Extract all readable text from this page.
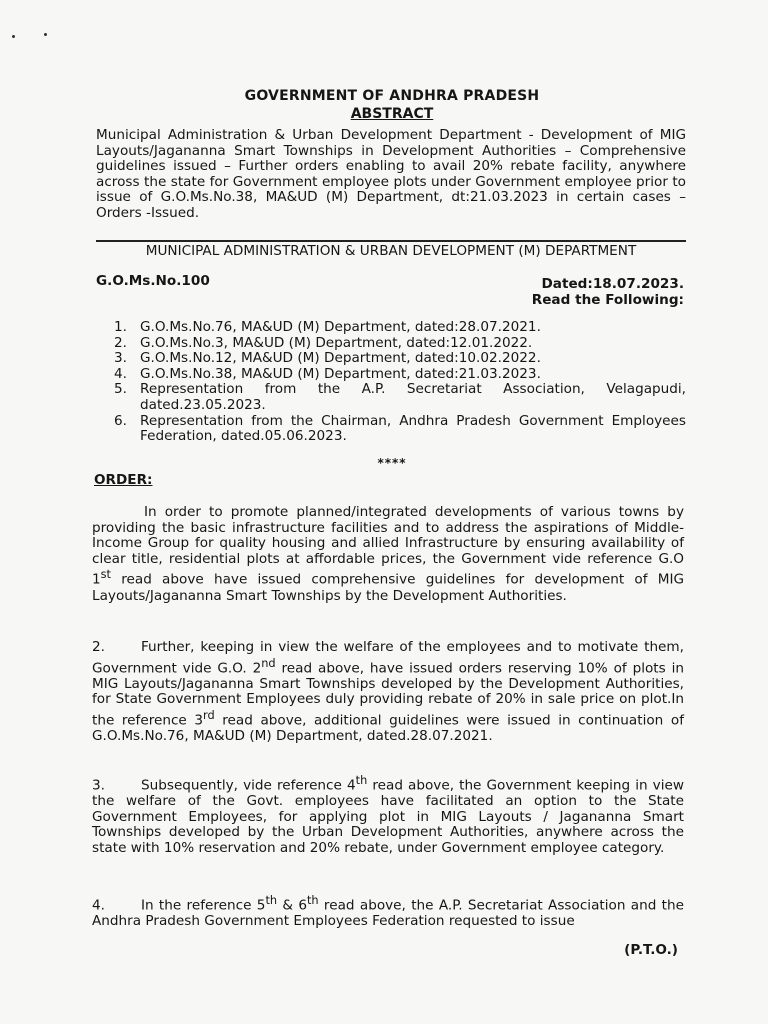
GOVERNMENT OF ANDHRA PRADESH
ABSTRACT
Municipal Administration & Urban Development Department - Development of MIG Layouts/Jagananna Smart Townships in Development Authorities – Comprehensive guidelines issued – Further orders enabling to avail 20% rebate facility, anywhere across the state for Government employee plots under Government employee prior to issue of G.O.Ms.No.38, MA&UD (M) Department, dt:21.03.2023 in certain cases – Orders -Issued.
MUNICIPAL ADMINISTRATION & URBAN DEVELOPMENT (M) DEPARTMENT
G.O.Ms.No.100	Dated:18.07.2023.
Read the Following:
1. G.O.Ms.No.76, MA&UD (M) Department, dated:28.07.2021.
2. G.O.Ms.No.3, MA&UD (M) Department, dated:12.01.2022.
3. G.O.Ms.No.12, MA&UD (M) Department, dated:10.02.2022.
4. G.O.Ms.No.38, MA&UD (M) Department, dated:21.03.2023.
5. Representation from the A.P. Secretariat Association, Velagapudi, dated.23.05.2023.
6. Representation from the Chairman, Andhra Pradesh Government Employees Federation, dated.05.06.2023.
****
ORDER:
In order to promote planned/integrated developments of various towns by providing the basic infrastructure facilities and to address the aspirations of Middle-Income Group for quality housing and allied Infrastructure by ensuring availability of clear title, residential plots at affordable prices, the Government vide reference G.O 1st read above have issued comprehensive guidelines for development of MIG Layouts/Jagananna Smart Townships by the Development Authorities.
2.	Further, keeping in view the welfare of the employees and to motivate them, Government vide G.O. 2nd read above, have issued orders reserving 10% of plots in MIG Layouts/Jagananna Smart Townships developed by the Development Authorities, for State Government Employees duly providing rebate of 20% in sale price on plot.In the reference 3rd read above, additional guidelines were issued in continuation of G.O.Ms.No.76, MA&UD (M) Department, dated.28.07.2021.
3.	Subsequently, vide reference 4th read above, the Government keeping in view the welfare of the Govt. employees have facilitated an option to the State Government Employees, for applying plot in MIG Layouts / Jagananna Smart Townships developed by the Urban Development Authorities, anywhere across the state with 10% reservation and 20% rebate, under Government employee category.
4.	In the reference 5th & 6th read above, the A.P. Secretariat Association and the Andhra Pradesh Government Employees Federation requested to issue
(P.T.O.)
